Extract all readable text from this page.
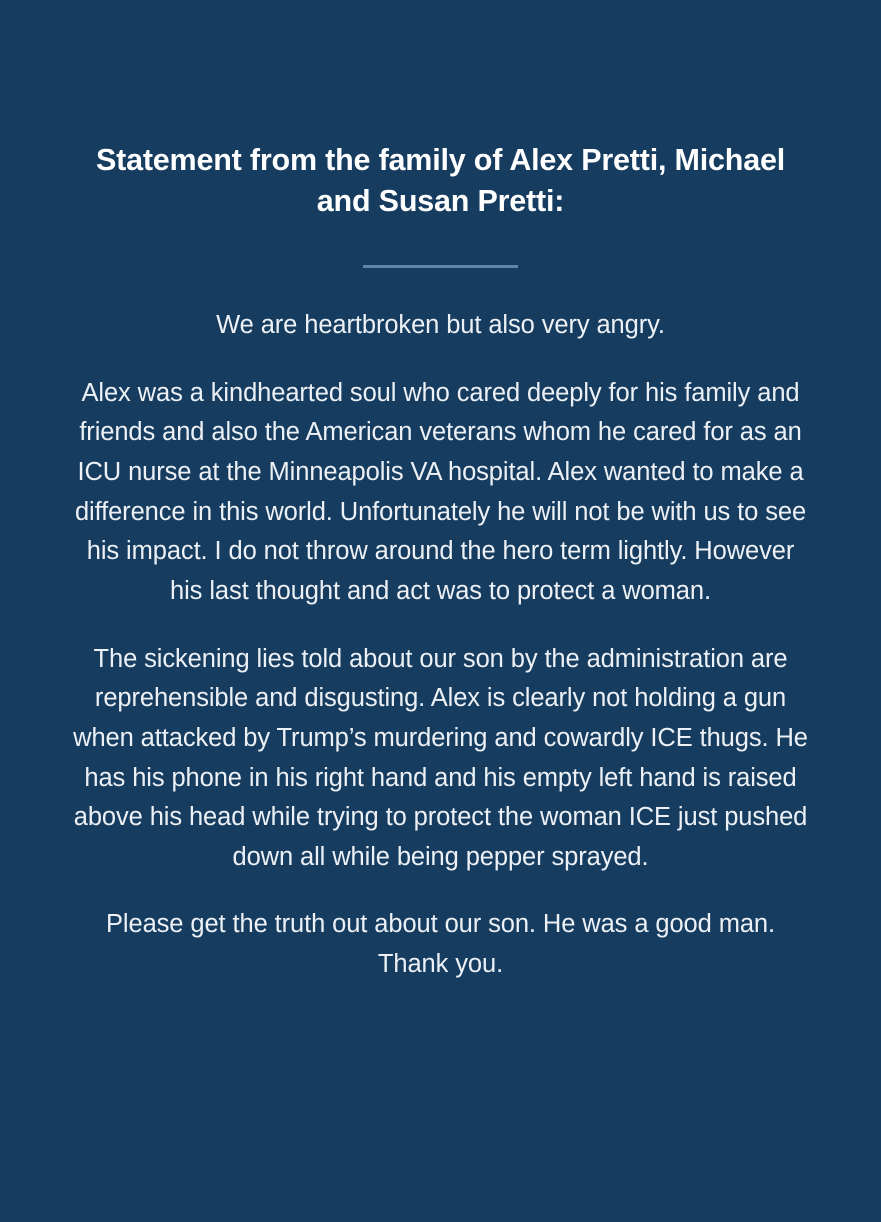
Statement from the family of Alex Pretti, Michael and Susan Pretti:

We are heartbroken but also very angry.

Alex was a kindhearted soul who cared deeply for his family and friends and also the American veterans whom he cared for as an ICU nurse at the Minneapolis VA hospital. Alex wanted to make a difference in this world. Unfortunately he will not be with us to see his impact. I do not throw around the hero term lightly. However his last thought and act was to protect a woman.

The sickening lies told about our son by the administration are reprehensible and disgusting. Alex is clearly not holding a gun when attacked by Trump’s murdering and cowardly ICE thugs. He has his phone in his right hand and his empty left hand is raised above his head while trying to protect the woman ICE just pushed down all while being pepper sprayed.

Please get the truth out about our son. He was a good man. Thank you.
